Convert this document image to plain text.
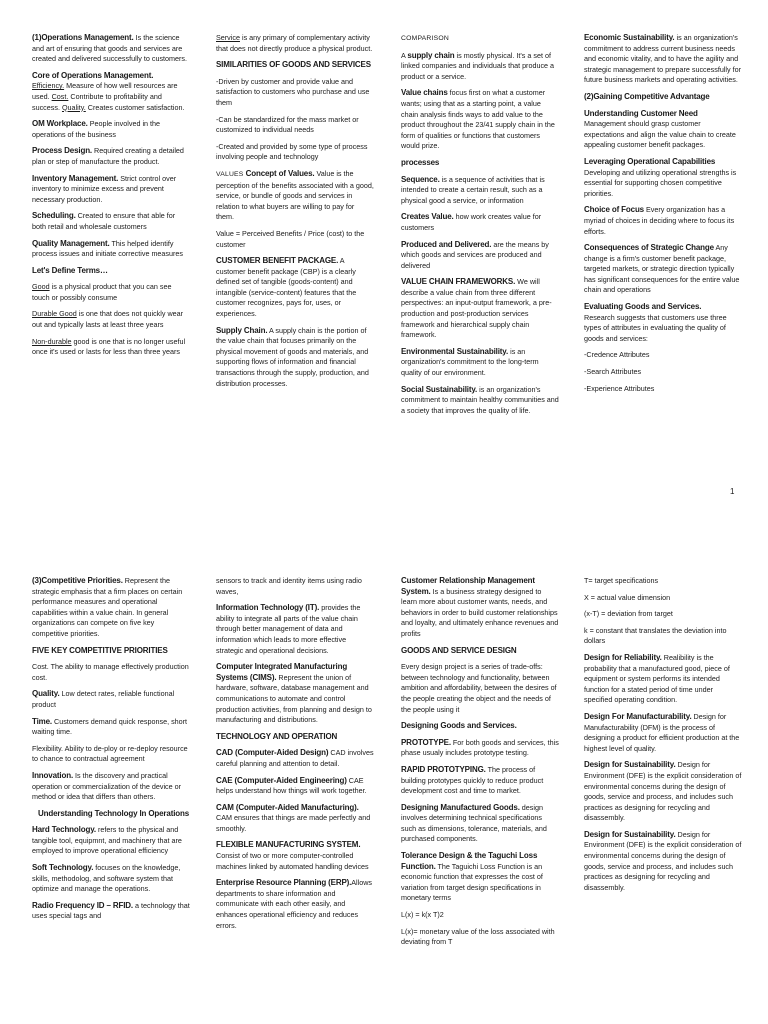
(1)Operations Management. Is the science and art of ensuring that goods and services are created and delivered successfully to customers.

Core of Operations Management.
Efficiency. Measure of how well resources are used. Cost. Contribute to profitability and success. Quality. Creates customer satisfaction.

OM Workplace. People involved in the operations of the business

Process Design. Required creating a detailed plan or step of manufacture the product.

Inventory Management. Strict control over inventory to minimize excess and prevent necessary production.

Scheduling. Created to ensure that able for both retail and wholesale customers

Quality Management. This helped identify process issues and initiate corrective measures

Let's Define Terms…

Good is a physical product that you can see touch or possibly consume

Durable Good is one that does not quickly wear out and typically lasts at least three years

Non-durable good is one that is no longer useful once it's used or lasts for less than three years

Service is any primary of complementary activity that does not directly produce a physical product.

SIMILARITIES OF GOODS AND SERVICES

-Driven by customer and provide value and satisfaction to customers who purchase and use them

-Can be standardized for the mass market or customized to individual needs

-Created and provided by some type of process involving people and technology

VALUES Concept of Values. Value is the perception of the benefits associated with a good, service, or bundle of goods and services in relation to what buyers are willing to pay for them.

Value = Perceived Benefits / Price (cost) to the customer

CUSTOMER BENEFIT PACKAGE. A customer benefit package (CBP) is a clearly defined set of tangible (goods-content) and intangible (service-content) features that the customer recognizes, pays for, uses, or experiences.

Supply Chain. A supply chain is the portion of the value chain that focuses primarily on the physical movement of goods and materials, and supporting flows of information and financial transactions through the supply, production, and distribution processes.

COMPARISON

A supply chain is mostly physical. It's a set of linked companies and individuals that produce a product or a service.

Value chains focus first on what a customer wants; using that as a starting point, a value chain analysis finds ways to add value to the product throughout the 23/41 supply chain in the form of qualities or functions that customers would prize.

processes

Sequence. is a sequence of activities that is intended to create a certain result, such as a physical good a service, or information

Creates Value. how work creates value for customers

Produced and Delivered. are the means by which goods and services are produced and delivered

VALUE CHAIN FRAMEWORKS. We will describe a value chain from three different perspectives: an input-output framework, a pre-production and post-production services framework and hierarchical supply chain framework.

Environmental Sustainability. is an organization's commitment to the long-term quality of our environment.

Social Sustainability. is an organization's commitment to maintain healthy communities and a society that improves the quality of life.

Economic Sustainability. is an organization's commitment to address current business needs and economic vitality, and to have the agility and strategic management to prepare successfully for future business markets and operating activities.

(2)Gaining Competitive Advantage

Understanding Customer Need
Management should grasp customer expectations and align the value chain to create appealing customer benefit packages.

Leveraging Operational Capabilities
Developing and utilizing operational strengths is essential for supporting chosen competitive priorities.

Choice of Focus Every organization has a myriad of choices in deciding where to focus its efforts.

Consequences of Strategic Change Any change is a firm's customer benefit package, targeted markets, or strategic direction typically has significant consequences for the entire value chain and operations

Evaluating Goods and Services.
Research suggests that customers use three types of attributes in evaluating the quality of goods and services:

-Credence Attributes

-Search Attributes

-Experience Attributes

1

(3)Competitive Priorities. Represent the strategic emphasis that a firm places on certain performance measures and operational capabilities within a value chain. In general organizations can compete on five key competitive priorities.

FIVE KEY COMPETITIVE PRIORITIES

Cost. The ability to manage effectively production cost.

Quality. Low detect rates, reliable functional product

Time. Customers demand quick response, short waiting time.

Flexibility. Ability to de-ploy or re-deploy resource to chance to contractual agreement

Innovation. Is the discovery and practical operation or commercialization of the device or method or idea that differs than others.

Understanding Technology In Operations

Hard Technology. refers to the physical and tangible tool, equipmnt, and machinery that are employed to improve operational efficiency

Soft Technology. focuses on the knowledge, skills, methodolog, and software system that optimize and manage the operations.

Radio Frequency ID – RFID. a technology that uses special tags and

sensors to track and identity items using radio waves,

Information Technology (IT). provides the ability to integrate all parts of the value chain through better management of data and information which leads to more effective strategic and operational decisions.

Computer Integrated Manufacturing Systems (CIMS). Represent the union of hardware, software, database management and communications to automate and control production activities, from planning and design to manufacturing and distributions.

TECHNOLOGY AND OPERATION

CAD (Computer-Aided Design) CAD involves careful planning and attention to detail.

CAE (Computer-Aided Engineering) CAE helps understand how things will work together.

CAM (Computer-Aided Manufacturing). CAM ensures that things are made perfectly and smoothly.

FLEXIBLE MANUFACTURING SYSTEM. Consist of two or more computer-controlled machines linked by automated handling devices

Enterprise Resource Planning (ERP).Allows departments to share information and communicate with each other easily, and enhances operational efficiency and reduces errors.

Customer Relationship Management System. Is a business strategy designed to learn more about customer wants, needs, and behaviors in order to build customer relationships and loyalty, and ultimately enhance revenues and profits

GOODS AND SERVICE DESIGN

Every design project is a series of trade-offs: between technology and functionality, between ambition and affordability, between the desires of the people creating the object and the needs of the people using it

Designing Goods and Services.

PROTOTYPE. For both goods and services, this phase usualy includes prototype testing.

RAPID PROTOTYPING. The process of building prototypes quickly to reduce product development cost and time to market.

Designing Manufactured Goods. design involves determining technical specifications such as dimensions, tolerance, materials, and purchased components.

Tolerance Design & the Taguchi Loss Function. The Taguichi Loss Function is an economic function that expresses the cost of variation from target design specifications in monetary terms

L(x) = k(x T)2

L(x)= monetary value of the loss associated with deviating from T

T= target specifications

X = actual value dimension

(x-T) = deviation from target

k = constant that translates the deviation into dollars

Design for Reliability. Realibility is the probability that a manufactured good, piece of equipment or system performs its intended function for a stated period of time under specified operating condition.

Design For Manufacturability. Design for Manufacturability (DFM) is the process of designing a product for efficient production at the highest level of quality.

Design for Sustainability. Design for Environment (DFE) is the explicit consideration of environmental concerns during the design of goods, service and process, and includes such practices as designing for recycling and disassembly.

Design for Sustainability. Design for Environment (DFE) is the explicit consideration of environmental concerns during the design of goods, service and process, and includes such practices as designing for recycling and disassembly.
